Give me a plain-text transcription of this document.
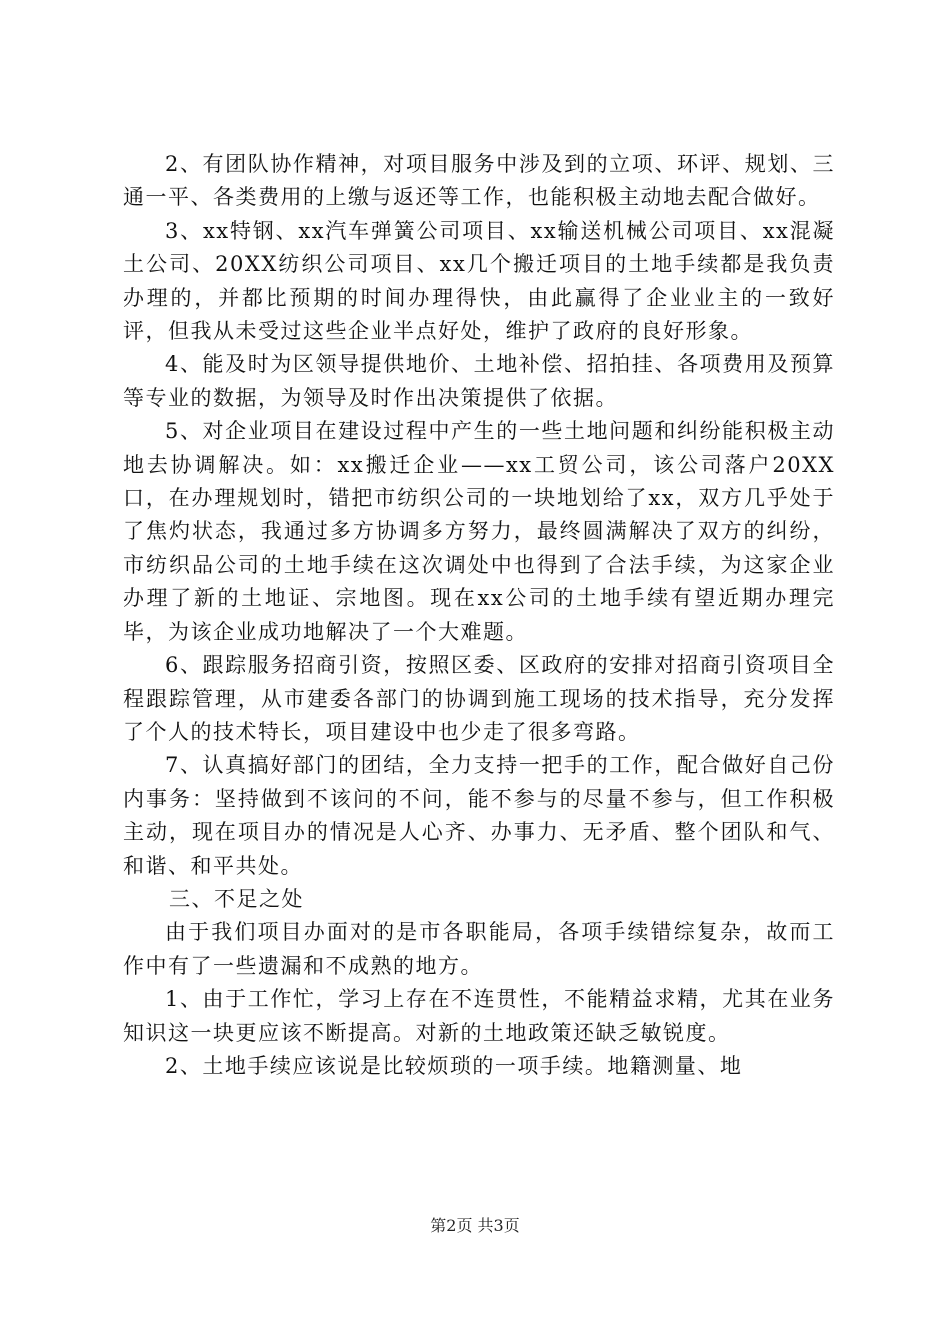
2、有团队协作精神，对项目服务中涉及到的立项、环评、规划、三通一平、各类费用的上缴与返还等工作，也能积极主动地去配合做好。

3、xx特钢、xx汽车弹簧公司项目、xx输送机械公司项目、xx混凝土公司、20XX纺织公司项目、xx几个搬迁项目的土地手续都是我负责办理的，并都比预期的时间办理得快，由此赢得了企业业主的一致好评，但我从未受过这些企业半点好处，维护了政府的良好形象。

4、能及时为区领导提供地价、土地补偿、招拍挂、各项费用及预算等专业的数据，为领导及时作出决策提供了依据。

5、对企业项目在建设过程中产生的一些土地问题和纠纷能积极主动地去协调解决。如：xx搬迁企业——xx工贸公司，该公司落户20XX口，在办理规划时，错把市纺织公司的一块地划给了xx，双方几乎处于了焦灼状态，我通过多方协调多方努力，最终圆满解决了双方的纠纷，市纺织品公司的土地手续在这次调处中也得到了合法手续，为这家企业办理了新的土地证、宗地图。现在xx公司的土地手续有望近期办理完毕，为该企业成功地解决了一个大难题。

6、跟踪服务招商引资，按照区委、区政府的安排对招商引资项目全程跟踪管理，从市建委各部门的协调到施工现场的技术指导，充分发挥了个人的技术特长，项目建设中也少走了很多弯路。

7、认真搞好部门的团结，全力支持一把手的工作，配合做好自己份内事务：坚持做到不该问的不问，能不参与的尽量不参与，但工作积极主动，现在项目办的情况是人心齐、办事力、无矛盾、整个团队和气、和谐、和平共处。

三、不足之处

由于我们项目办面对的是市各职能局，各项手续错综复杂，故而工作中有了一些遗漏和不成熟的地方。

1、由于工作忙，学习上存在不连贯性，不能精益求精，尤其在业务知识这一块更应该不断提高。对新的土地政策还缺乏敏锐度。

2、土地手续应该说是比较烦琐的一项手续。地籍测量、地

第2页 共3页
